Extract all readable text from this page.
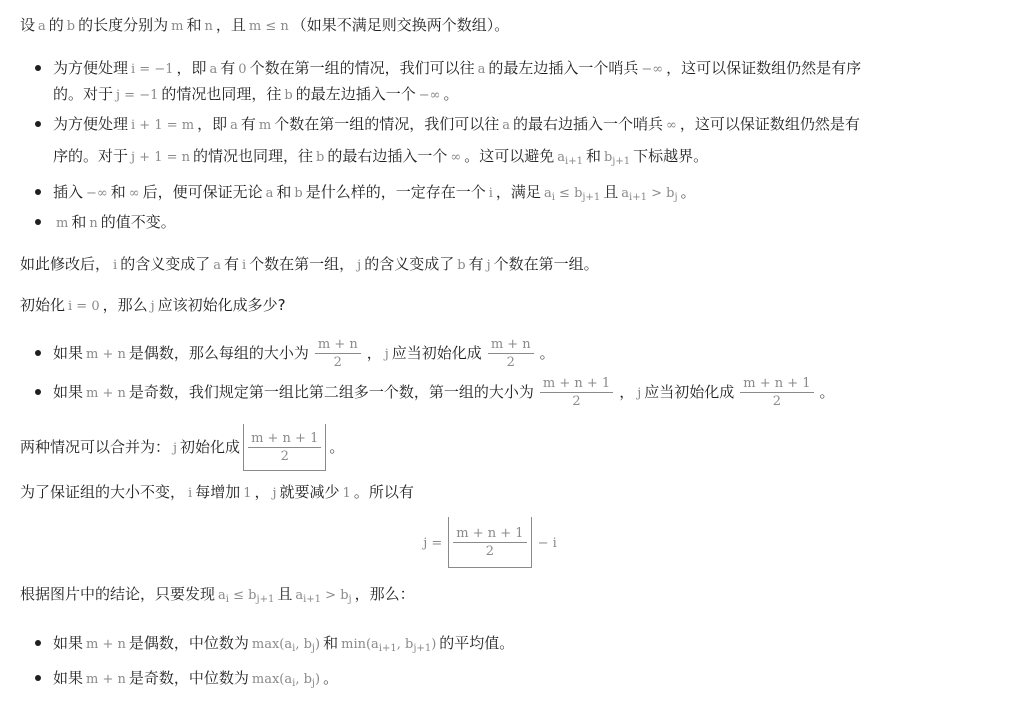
设 a 的 b 的长度分别为 m 和 n ，且 m ≤ n （如果不满足则交换两个数组）。
为方便处理 i = −1 ，即 a 有 0 个数在第一组的情况，我们可以往 a 的最左边插入一个哨兵 −∞ ，这可以保证数组仍然是有序
的。对于 j = −1 的情况也同理，往 b 的最左边插入一个 −∞ 。
为方便处理 i + 1 = m ，即 a 有 m 个数在第一组的情况，我们可以往 a 的最右边插入一个哨兵 ∞ ，这可以保证数组仍然是有
序的。对于 j + 1 = n 的情况也同理，往 b 的最右边插入一个 ∞ 。这可以避免 $a_{i+1}$ 和 $b_{j+1}$ 下标越界。
插入 −∞ 和 ∞ 后，便可保证无论 a 和 b 是什么样的，一定存在一个 i ，满足 $a_i \le b_{j+1}$ 且 $a_{i+1} > b_j$ 。
m 和 n 的值不变。
如此修改后， i 的含义变成了 a 有 i 个数在第一组， j 的含义变成了 b 有 j 个数在第一组。
初始化 i = 0 ，那么 j 应该初始化成多少?
如果 m + n 是偶数，那么每组的大小为 $\frac{m + n}{2}$ ， j 应当初始化成 $\frac{m + n}{2}$ 。
如果 m + n 是奇数，我们规定第一组比第二组多一个数，第一组的大小为 $\frac{m + n + 1}{2}$ ， j 应当初始化成 $\frac{m + n + 1}{2}$ 。
两种情况可以合并为： j 初始化成 $\frac{m + n + 1}{2}$ 。
为了保证组的大小不变， i 每增加 1 ， j 就要减少 1 。所以有
$j = \frac{m + n + 1}{2} - i$
根据图片中的结论，只要发现 $a_i \le b_{j+1}$ 且 $a_{i+1} > b_j$ ，那么：
如果 m + n 是偶数，中位数为 $\max(a_i$, $b_j$) 和 $\min(a_{i+1}$, $b_{j+1}$) 的平均值。
如果 m + n 是奇数，中位数为 $\max(a_i$, $b_j$) 。
